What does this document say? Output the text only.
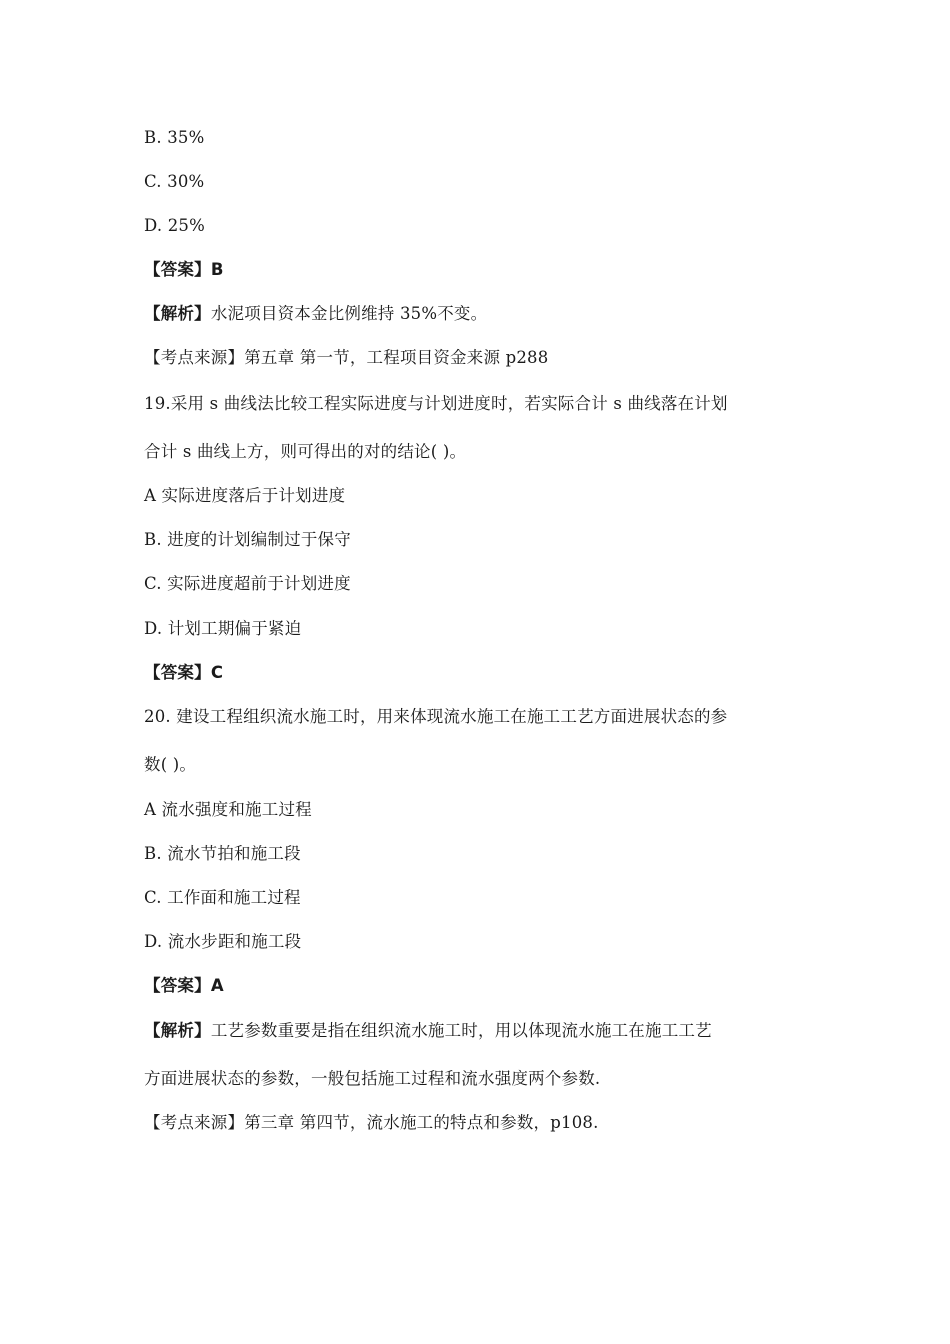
B. 35%
C. 30%
D. 25%
【答案】B
【解析】水泥项目资本金比例维持 35%不变。
【考点来源】第五章 第一节，工程项目资金来源 p288
19.采用 s 曲线法比较工程实际进度与计划进度时，若实际合计 s 曲线落在计划
合计 s 曲线上方，则可得出的对的结论( )。
A 实际进度落后于计划进度
B. 进度的计划编制过于保守
C. 实际进度超前于计划进度
D. 计划工期偏于紧迫
【答案】C
20. 建设工程组织流水施工时，用来体现流水施工在施工工艺方面进展状态的参
数( )。
A 流水强度和施工过程
B. 流水节拍和施工段
C. 工作面和施工过程
D. 流水步距和施工段
【答案】A
【解析】工艺参数重要是指在组织流水施工时，用以体现流水施工在施工工艺
方面进展状态的参数，一般包括施工过程和流水强度两个参数.
【考点来源】第三章 第四节，流水施工的特点和参数，p108.
